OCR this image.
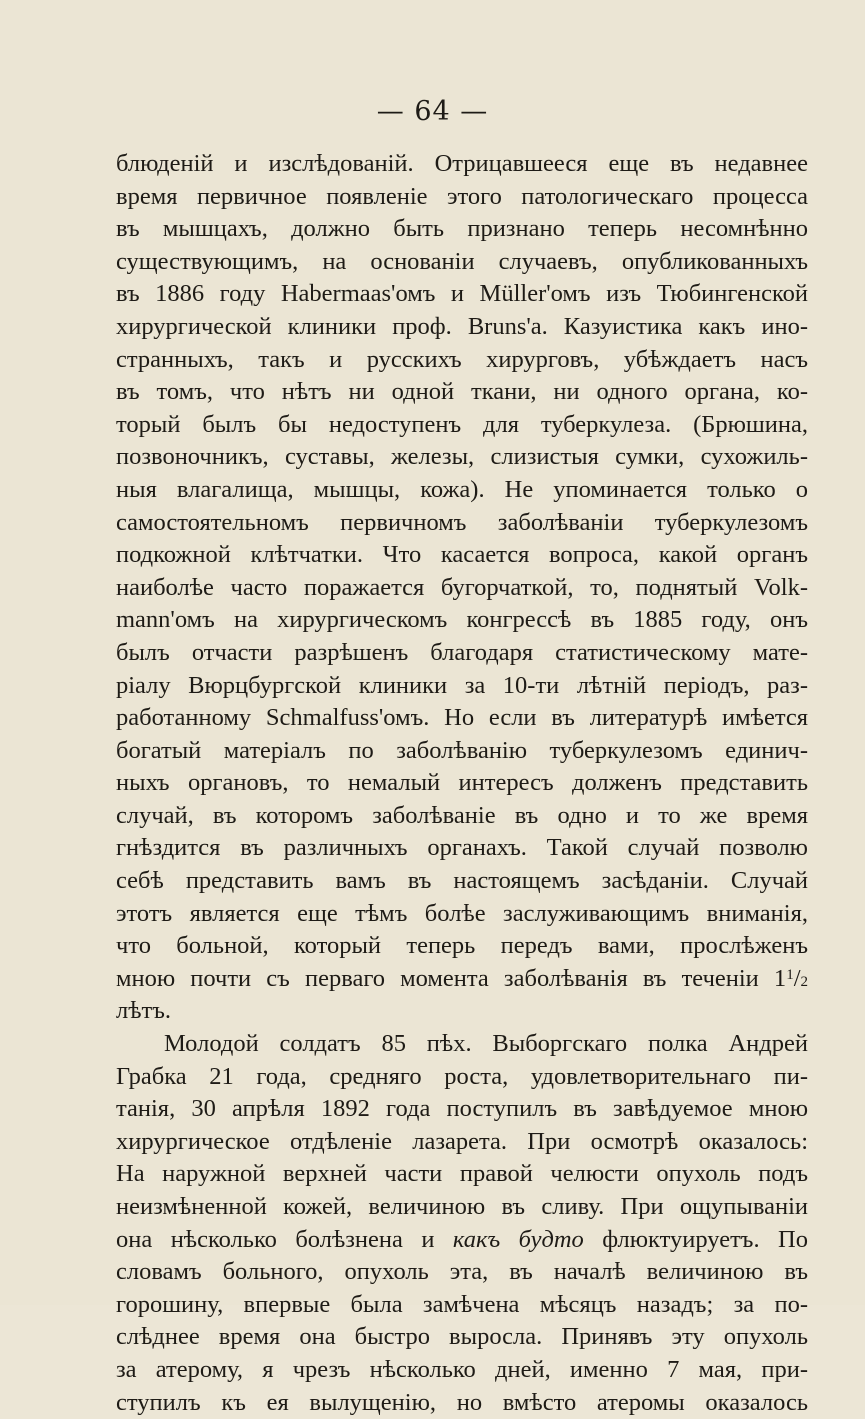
— 64 —
блюденій и изслѣдованій. Отрицавшееся еще въ недавнее
время первичное появленіе этого патологическаго процесса
въ мышцахъ, должно быть признано теперь несомнѣнно
существующимъ, на основаніи случаевъ, опубликованныхъ
въ 1886 году Habermaas'омъ и Müller'омъ изъ Тюбингенской
хирургической клиники проф. Bruns'а. Казуистика какъ ино-
странныхъ, такъ и русскихъ хирурговъ, убѣждаетъ насъ
въ томъ, что нѣтъ ни одной ткани, ни одного органа, ко-
торый былъ бы недоступенъ для туберкулеза. (Брюшина,
позвоночникъ, суставы, железы, слизистыя сумки, сухожиль-
ныя влагалища, мышцы, кожа). Не упоминается только о
самостоятельномъ первичномъ заболѣваніи туберкулезомъ
подкожной клѣтчатки. Что касается вопроса, какой органъ
наиболѣе часто поражается бугорчаткой, то, поднятый Volk-
mann'омъ на хирургическомъ конгрессѣ въ 1885 году, онъ
былъ отчасти разрѣшенъ благодаря статистическому мате-
ріалу Вюрцбургской клиники за 10-ти лѣтній періодъ, раз-
работанному Schmalfuss'омъ. Но если въ литературѣ имѣется
богатый матеріалъ по заболѣванію туберкулезомъ единич-
ныхъ органовъ, то немалый интересъ долженъ представить
случай, въ которомъ заболѣваніе въ одно и то же время
гнѣздится въ различныхъ органахъ. Такой случай позволю
себѣ представить вамъ въ настоящемъ засѣданіи. Случай
этотъ является еще тѣмъ болѣе заслуживающимъ вниманія,
что больной, который теперь передъ вами, прослѣженъ
мною почти съ перваго момента заболѣванія въ теченіи $1^1/2$
лѣтъ.
Молодой солдатъ 85 пѣх. Выборгскаго полка Андрей
Грабка 21 года, средняго роста, удовлетворительнаго пи-
танія, 30 апрѣля 1892 года поступилъ въ завѣдуемое мною
хирургическое отдѣленіе лазарета. При осмотрѣ оказалось:
На наружной верхней части правой челюсти опухоль подъ
неизмѣненной кожей, величиною въ сливу. При ощупываніи
она нѣсколько болѣзнена и какъ будто флюктуируетъ. По
словамъ больного, опухоль эта, въ началѣ величиною въ
горошину, впервые была замѣчена мѣсяцъ назадъ; за по-
слѣднее время она быстро выросла. Принявъ эту опухоль
за атерому, я чрезъ нѣсколько дней, именно 7 мая, при-
ступилъ къ ея вылущенію, но вмѣсто атеромы оказалось
